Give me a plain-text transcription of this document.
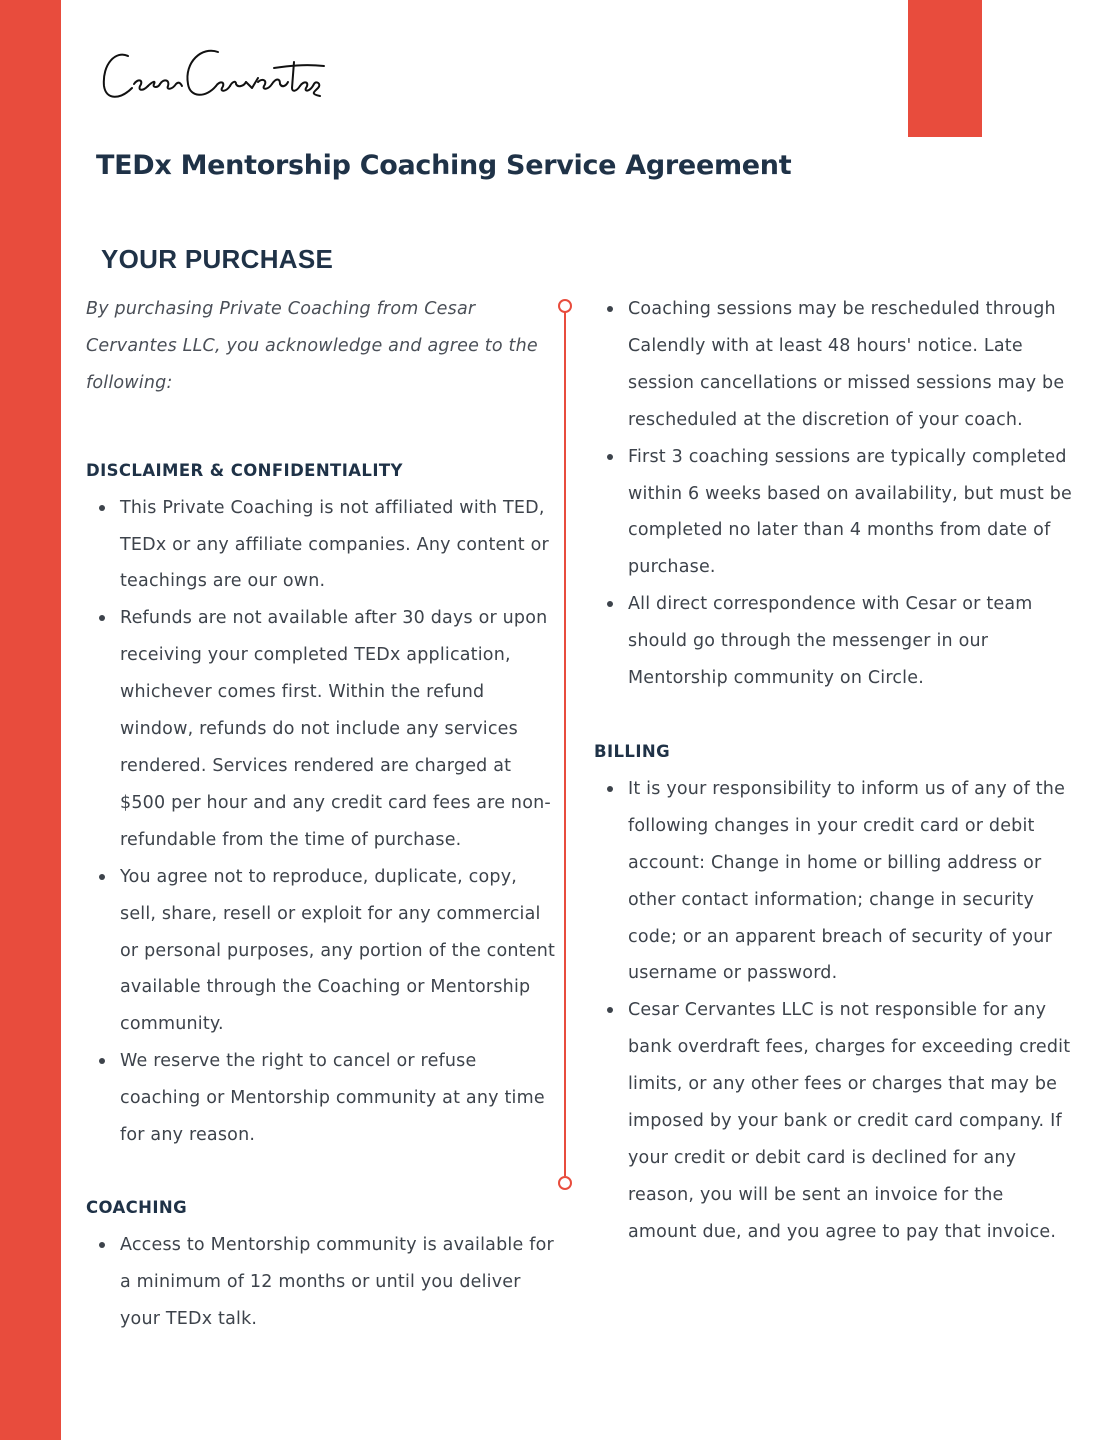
TEDx Mentorship Coaching Service Agreement
YOUR PURCHASE

By purchasing Private Coaching from Cesar Cervantes LLC, you acknowledge and agree to the following:

DISCLAIMER & CONFIDENTIALITY
This Private Coaching is not affiliated with TED, TEDx or any affiliate companies. Any content or teachings are our own.
Refunds are not available after 30 days or upon receiving your completed TEDx application, whichever comes first. Within the refund window, refunds do not include any services rendered. Services rendered are charged at $500 per hour and any credit card fees are non-refundable from the time of purchase.
You agree not to reproduce, duplicate, copy, sell, share, resell or exploit for any commercial or personal purposes, any portion of the content available through the Coaching or Mentorship community.
We reserve the right to cancel or refuse coaching or Mentorship community at any time for any reason.
COACHING
Access to Mentorship community is available for a minimum of 12 months or until you deliver your TEDx talk.
Coaching sessions may be rescheduled through Calendly with at least 48 hours' notice. Late session cancellations or missed sessions may be rescheduled at the discretion of your coach.
First 3 coaching sessions are typically completed within 6 weeks based on availability, but must be completed no later than 4 months from date of purchase.
All direct correspondence with Cesar or team should go through the messenger in our Mentorship community on Circle.
BILLING
It is your responsibility to inform us of any of the following changes in your credit card or debit account: Change in home or billing address or other contact information; change in security code; or an apparent breach of security of your username or password.
Cesar Cervantes LLC is not responsible for any bank overdraft fees, charges for exceeding credit limits, or any other fees or charges that may be imposed by your bank or credit card company. If your credit or debit card is declined for any reason, you will be sent an invoice for the amount due, and you agree to pay that invoice.
